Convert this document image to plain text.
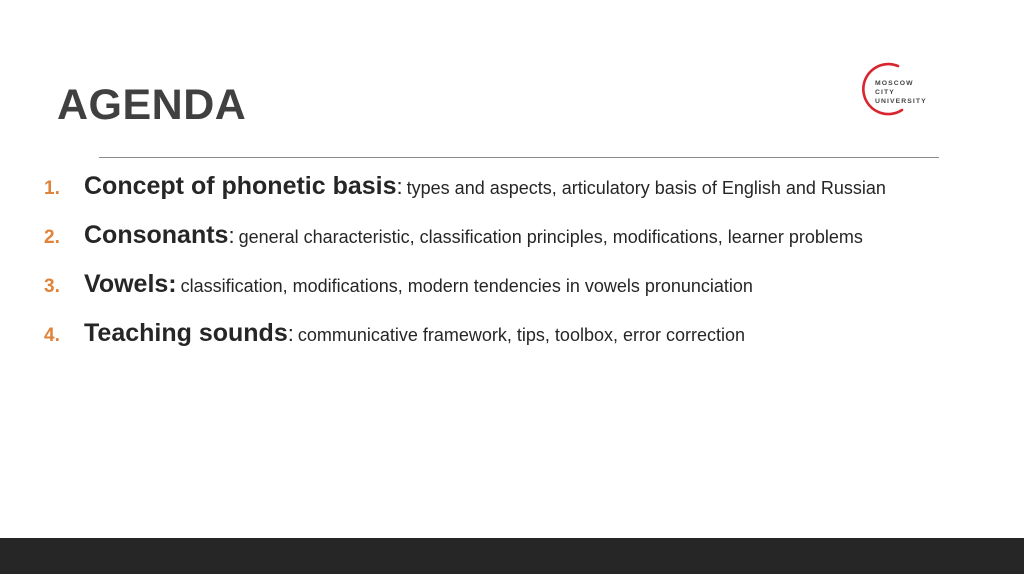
AGENDA	MOSCOW
CITY
UNIVERSITY
1. Concept of phonetic basis : types and aspects, articulatory basis of English and Russian
2. Consonants : general characteristic, classification principles, modifications, learner problems
3. Vowels: classification, modifications, modern tendencies in vowels pronunciation
4. Teaching sounds : communicative framework, tips, toolbox, error correction
